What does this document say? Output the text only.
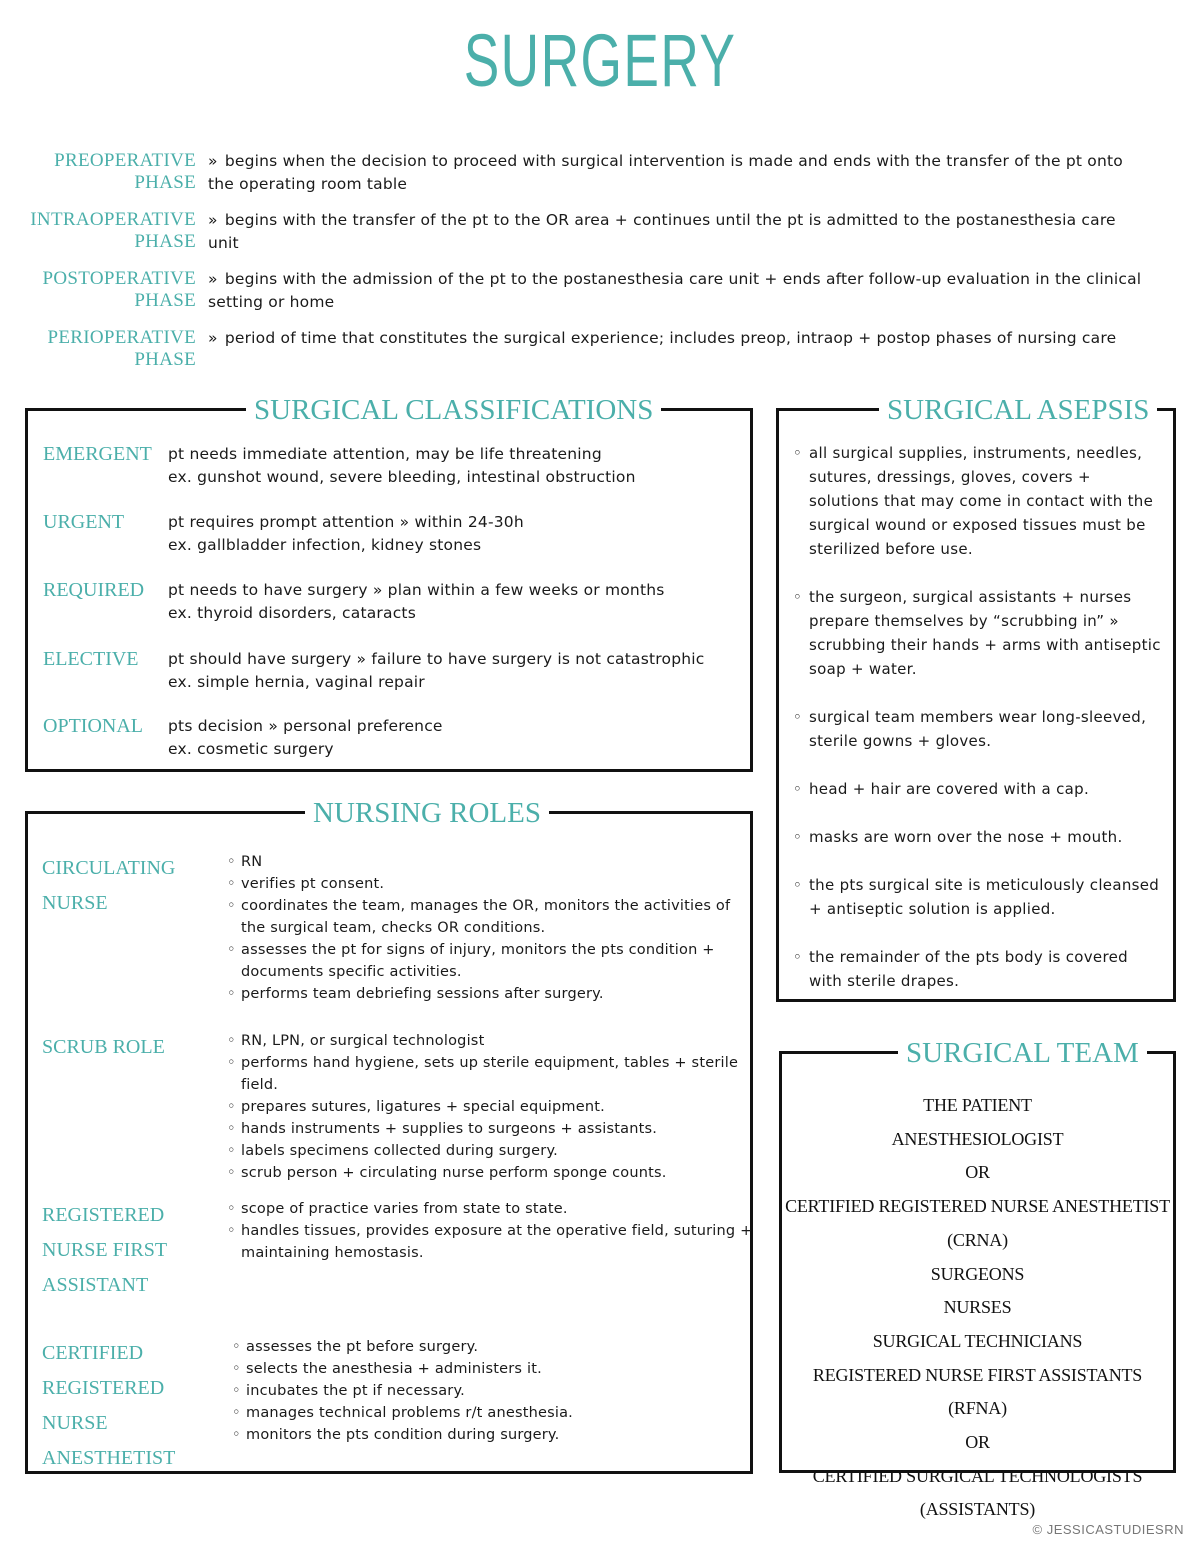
SURGERY
PREOPERATIVE PHASE
» begins when the decision to proceed with surgical intervention is made and ends with the transfer of the pt onto the operating room table
INTRAOPERATIVE PHASE
» begins with the transfer of the pt to the OR area + continues until the pt is admitted to the postanesthesia care unit
POSTOPERATIVE PHASE
» begins with the admission of the pt to the postanesthesia care unit + ends after follow-up evaluation in the clinical setting or home
PERIOPERATIVE PHASE
» period of time that constitutes the surgical experience; includes preop, intraop + postop phases of nursing care
SURGICAL CLASSIFICATIONS
EMERGENT pt needs immediate attention, may be life threatening
ex. gunshot wound, severe bleeding, intestinal obstruction
URGENT	pt requires prompt attention » within 24-30h
ex. gallbladder infection, kidney stones
REQUIRED pt needs to have surgery » plan within a few weeks or months
ex. thyroid disorders, cataracts
ELECTIVE pt should have surgery » failure to have surgery is not catastrophic
ex. simple hernia, vaginal repair
OPTIONAL pts decision » personal preference
ex. cosmetic surgery
SURGICAL ASEPSIS
◦ all surgical supplies, instruments, needles, sutures, dressings, gloves, covers + solutions that may come in contact with the surgical wound or exposed tissues must be sterilized before use.
◦ the surgeon, surgical assistants + nurses prepare themselves by “scrubbing in” » scrubbing their hands + arms with antiseptic soap + water.
◦ surgical team members wear long-sleeved, sterile gowns + gloves.
◦ head + hair are covered with a cap.
◦ masks are worn over the nose + mouth.
◦ the pts surgical site is meticulously cleansed + antiseptic solution is applied.
◦ the remainder of the pts body is covered with sterile drapes.
NURSING ROLES
CIRCULATING NURSE
◦ RN
◦ verifies pt consent.
◦ coordinates the team, manages the OR, monitors the activities of the surgical team, checks OR conditions.
◦ assesses the pt for signs of injury, monitors the pts condition + documents specific activities.
◦ performs team debriefing sessions after surgery.
SCRUB ROLE
◦	RN, LPN, or surgical technologist
◦ performs hand hygiene, sets up sterile equipment, tables + sterile field.
◦ prepares sutures, ligatures + special equipment.
◦ hands instruments + supplies to surgeons + assistants.
◦ labels specimens collected during surgery.
◦ scrub person + circulating nurse perform sponge counts.
REGISTERED NURSE FIRST ASSISTANT
◦ scope of practice varies from state to state.
◦ handles tissues, provides exposure at the operative field, suturing + maintaining hemostasis.
CERTIFIED REGISTERED NURSE ANESTHETIST
◦ assesses the pt before surgery.
◦ selects the anesthesia + administers it.
◦ incubates the pt if necessary.
◦ manages technical problems r/t anesthesia.
◦ monitors the pts condition during surgery.
SURGICAL TEAM
THE PATIENT
ANESTHESIOLOGIST
OR
CERTIFIED REGISTERED NURSE ANESTHETIST (CRNA)
SURGEONS
NURSES
SURGICAL TECHNICIANS
REGISTERED NURSE FIRST ASSISTANTS (RFNA)
OR
CERTIFIED SURGICAL TECHNOLOGISTS (ASSISTANTS)
© JESSICASTUDIESRN
